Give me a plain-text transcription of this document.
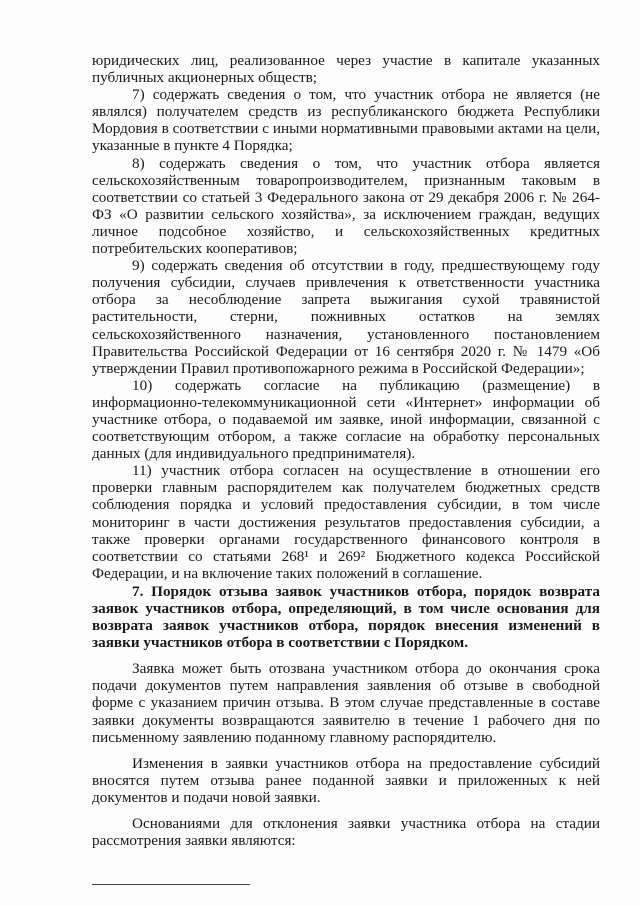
юридических лиц, реализованное через участие в капитале указанных публичных акционерных обществ;

7) содержать сведения о том, что участник отбора не является (не являлся) получателем средств из республиканского бюджета Республики Мордовия в соответствии с иными нормативными правовыми актами на цели, указанные в пункте 4 Порядка;

8) содержать сведения о том, что участник отбора является сельскохозяйственным товаропроизводителем, признанным таковым в соответствии со статьей 3 Федерального закона от 29 декабря 2006 г. № 264-ФЗ «О развитии сельского хозяйства», за исключением граждан, ведущих личное подсобное хозяйство, и сельскохозяйственных кредитных потребительских кооперативов;

9) содержать сведения об отсутствии в году, предшествующему году получения субсидии, случаев привлечения к ответственности участника отбора за несоблюдение запрета выжигания сухой травянистой растительности, стерни, пожнивных остатков на землях сельскохозяйственного назначения, установленного постановлением Правительства Российской Федерации от 16 сентября 2020 г. № 1479 «Об утверждении Правил противопожарного режима в Российской Федерации»;

10) содержать согласие на публикацию (размещение) в информационно-телекоммуникационной сети «Интернет» информации об участнике отбора, о подаваемой им заявке, иной информации, связанной с соответствующим отбором, а также согласие на обработку персональных данных (для индивидуального предпринимателя).

11) участник отбора согласен на осуществление в отношении его проверки главным распорядителем как получателем бюджетных средств соблюдения порядка и условий предоставления субсидии, в том числе мониторинг в части достижения результатов предоставления субсидии, а также проверки органами государственного финансового контроля в соответствии со статьями 268¹ и 269² Бюджетного кодекса Российской Федерации, и на включение таких положений в соглашение.

7. Порядок отзыва заявок участников отбора, порядок возврата заявок участников отбора, определяющий, в том числе основания для возврата заявок участников отбора, порядок внесения изменений в заявки участников отбора в соответствии с Порядком.

Заявка может быть отозвана участником отбора до окончания срока подачи документов путем направления заявления об отзыве в свободной форме с указанием причин отзыва. В этом случае представленные в составе заявки документы возвращаются заявителю в течение 1 рабочего дня по письменному заявлению поданному главному распорядителю.

Изменения в заявки участников отбора на предоставление субсидий вносятся путем отзыва ранее поданной заявки и приложенных к ней документов и подачи новой заявки.

Основаниями для отклонения заявки участника отбора на стадии рассмотрения заявки являются:
